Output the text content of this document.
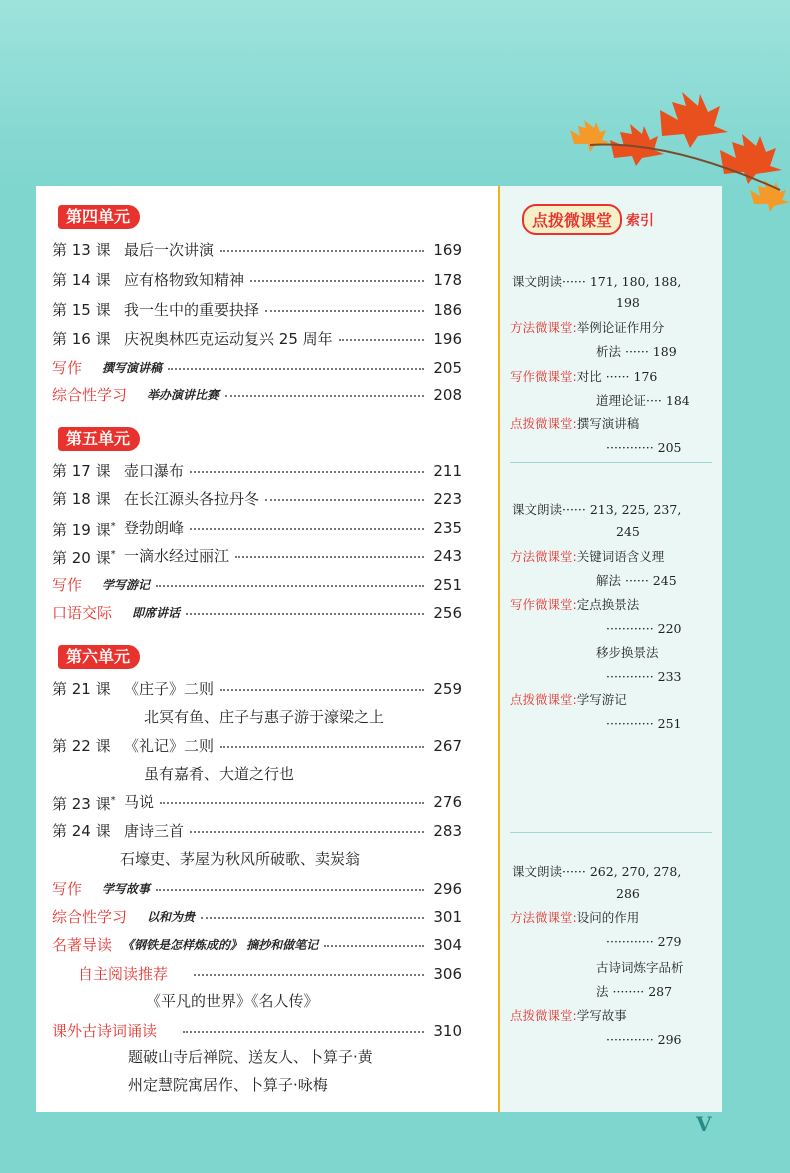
第四单元
第 13 课 最后一次讲演	169
第 14 课 应有格物致知精神	178
第 15 课 我一生中的重要抉择	186
第 16 课 庆祝奥林匹克运动复兴 25 周年	196
写作 撰写演讲稿	205
综合性学习 举办演讲比赛	208
第五单元
第 17 课 壶口瀑布	211
第 18 课 在长江源头各拉丹冬	223
第 19 课* 登勃朗峰	235
第 20 课* 一滴水经过丽江	243
写作 学写游记	251
口语交际 即席讲话	256
第六单元
第 21 课 《庄子》二则	259
北冥有鱼、庄子与惠子游于濠梁之上
第 22 课 《礼记》二则	267
虽有嘉肴、大道之行也
第 23 课* 马说	276
第 24 课 唐诗三首	283
石壕吏、茅屋为秋风所破歌、卖炭翁
写作 学写故事	296
综合性学习 以和为贵	301
名著导读 《钢铁是怎样炼成的》 摘抄和做笔记	304
自主阅读推荐	306
《平凡的世界》《名人传》
课外古诗词诵读	310
题破山寺后禅院、送友人、卜算子·黄
州定慧院寓居作、卜算子·咏梅
点拨微课堂	索引
课文朗读······ 171, 180, 188,
198
方法微课堂:举例论证作用分
析法 ······ 189
写作微课堂:对比 ······ 176
道理论证···· 184
点拨微课堂:撰写演讲稿
············ 205
课文朗读······ 213, 225, 237,
245
方法微课堂:关键词语含义理
解法 ······ 245
写作微课堂:定点换景法
············ 220
移步换景法
············ 233
点拨微课堂:学写游记
············ 251
课文朗读······ 262, 270, 278,
286
方法微课堂:设问的作用
············ 279
古诗词炼字品析
法 ········ 287
点拨微课堂:学写故事
············ 296
V
